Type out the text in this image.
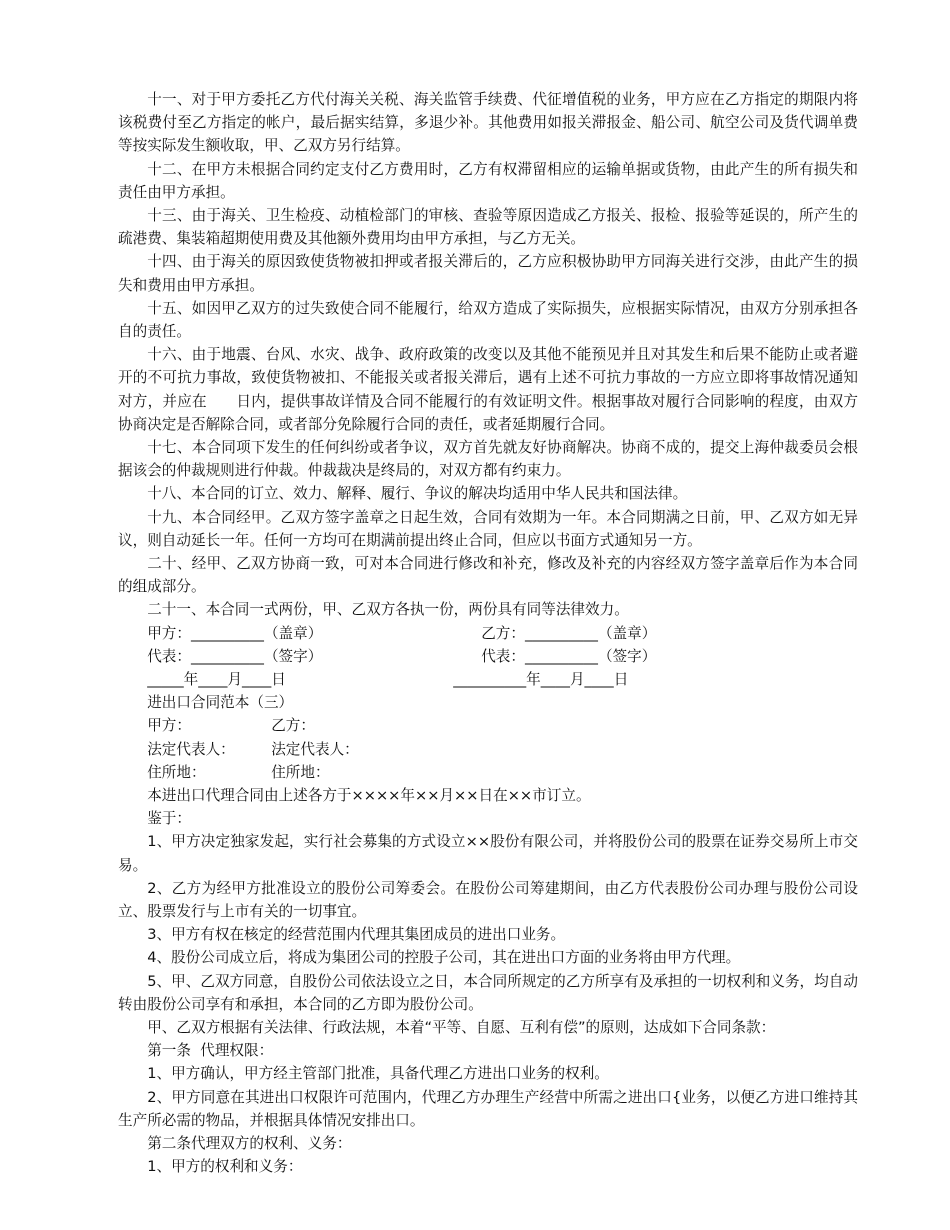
十一、对于甲方委托乙方代付海关关税、海关监管手续费、代征增值税的业务，甲方应在乙方指定的期限内将该税费付至乙方指定的帐户，最后据实结算，多退少补。其他费用如报关滞报金、船公司、航空公司及货代调单费等按实际发生额收取，甲、乙双方另行结算。

十二、在甲方未根据合同约定支付乙方费用时，乙方有权滞留相应的运输单据或货物，由此产生的所有损失和责任由甲方承担。

十三、由于海关、卫生检疫、动植检部门的审核、查验等原因造成乙方报关、报检、报验等延误的，所产生的疏港费、集装箱超期使用费及其他额外费用均由甲方承担，与乙方无关。

十四、由于海关的原因致使货物被扣押或者报关滞后的，乙方应积极协助甲方同海关进行交涉，由此产生的损失和费用由甲方承担。

十五、如因甲乙双方的过失致使合同不能履行，给双方造成了实际损失，应根据实际情况，由双方分别承担各自的责任。

十六、由于地震、台风、水灾、战争、政府政策的改变以及其他不能预见并且对其发生和后果不能防止或者避开的不可抗力事故，致使货物被扣、不能报关或者报关滞后，遇有上述不可抗力事故的一方应立即将事故情况通知对方，并应在　　日内，提供事故详情及合同不能履行的有效证明文件。根据事故对履行合同影响的程度，由双方协商决定是否解除合同，或者部分免除履行合同的责任，或者延期履行合同。

十七、本合同项下发生的任何纠纷或者争议，双方首先就友好协商解决。协商不成的，提交上海仲裁委员会根据该会的仲裁规则进行仲裁。仲裁裁决是终局的，对双方都有约束力。

十八、本合同的订立、效力、解释、履行、争议的解决均适用中华人民共和国法律。

十九、本合同经甲。乙双方签字盖章之日起生效，合同有效期为一年。本合同期满之日前，甲、乙双方如无异议，则自动延长一年。任何一方均可在期满前提出终止合同，但应以书面方式通知另一方。

二十、经甲、乙双方协商一致，可对本合同进行修改和补充，修改及补充的内容经双方签字盖章后作为本合同的组成部分。

二十一、本合同一式两份，甲、乙双方各执一份，两份具有同等法律效力。

甲方：__________（盖章）	乙方：__________（盖章）
代表：__________（签字）	代表：__________（签字）
_____年____月____日	__________年____月____日

进出口合同范本（三）

甲方：	乙方：
法定代表人： 法定代表人：
住所地：	住所地：

本进出口代理合同由上述各方于××××年××月××日在××市订立。

鉴于：

1、甲方决定独家发起，实行社会募集的方式设立××股份有限公司，并将股份公司的股票在证券交易所上市交易。

2、乙方为经甲方批准设立的股份公司筹委会。在股份公司筹建期间，由乙方代表股份公司办理与股份公司设立、股票发行与上市有关的一切事宜。

3、甲方有权在核定的经营范围内代理其集团成员的进出口业务。

4、股份公司成立后，将成为集团公司的控股子公司，其在进出口方面的业务将由甲方代理。

5、甲、乙双方同意，自股份公司依法设立之日，本合同所规定的乙方所享有及承担的一切权利和义务，均自动转由股份公司享有和承担，本合同的乙方即为股份公司。

甲、乙双方根据有关法律、行政法规，本着“平等、自愿、互利有偿”的原则，达成如下合同条款：

第一条  代理权限：

1、甲方确认，甲方经主管部门批准，具备代理乙方进出口业务的权利。

2、甲方同意在其进出口权限许可范围内，代理乙方办理生产经营中所需之进出口{业务，以便乙方进口维持其生产所必需的物品，并根据具体情况安排出口。

第二条代理双方的权利、义务：

1、甲方的权利和义务：
